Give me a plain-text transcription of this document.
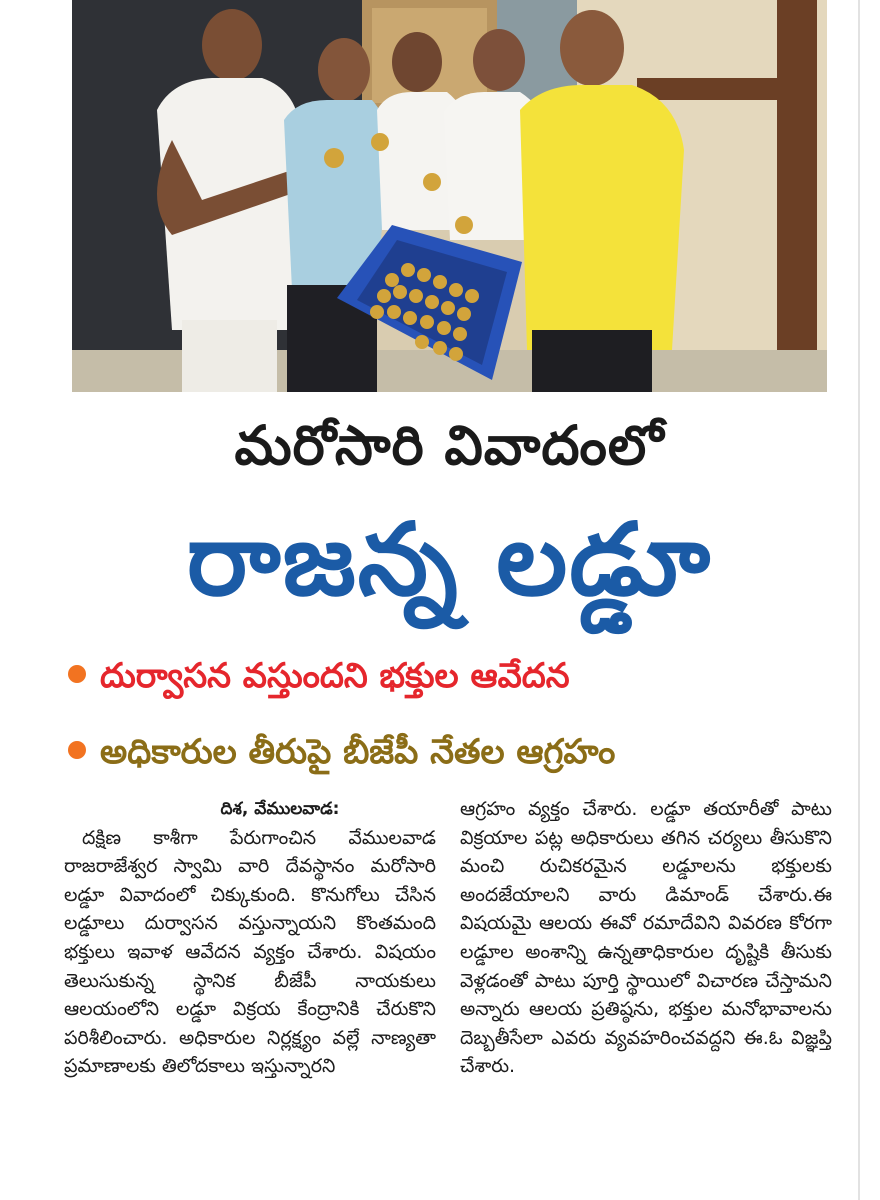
మరోసారి వివాదంలో
రాజన్న లడ్డూ
దుర్వాసన వస్తుందని భక్తుల ఆవేదన
అధికారుల తీరుపై బీజేపీ నేతల ఆగ్రహం
దిశ, వేములవాడ:

దక్షిణ కాశీగా పేరుగాంచిన వేములవాడ రాజరాజేశ్వర స్వామి వారి దేవస్థానం మరోసారి లడ్డూ వివాదంలో చిక్కుకుంది. కొనుగోలు చేసిన లడ్డూలు దుర్వాసన వస్తున్నాయని కొంతమంది భక్తులు ఇవాళ ఆవేదన వ్యక్తం చేశారు. విషయం తెలుసుకున్న స్థానిక బీజేపీ నాయకులు ఆలయంలోని లడ్డూ విక్రయ కేంద్రానికి చేరుకొని పరిశీలించారు. అధికారుల నిర్లక్ష్యం వల్లే నాణ్యతా ప్రమాణాలకు తిలోదకాలు ఇస్తున్నారని

ఆగ్రహం వ్యక్తం చేశారు. లడ్డూ తయారీతో పాటు విక్రయాల పట్ల అధికారులు తగిన చర్యలు తీసుకొని మంచి రుచికరమైన లడ్డూలను భక్తులకు అందజేయాలని వారు డిమాండ్ చేశారు.ఈ విషయమై ఆలయ ఈవో రమాదేవిని వివరణ కోరగా లడ్డూల అంశాన్ని ఉన్నతాధికారుల దృష్టికి తీసుకు వెళ్లడంతో పాటు పూర్తి స్థాయిలో విచారణ చేస్తామని అన్నారు ఆలయ ప్రతిష్ఠను, భక్తుల మనోభావాలను దెబ్బతీసేలా ఎవరు వ్యవహరించవద్దని ఈ.ఓ విజ్ఞప్తి చేశారు.
